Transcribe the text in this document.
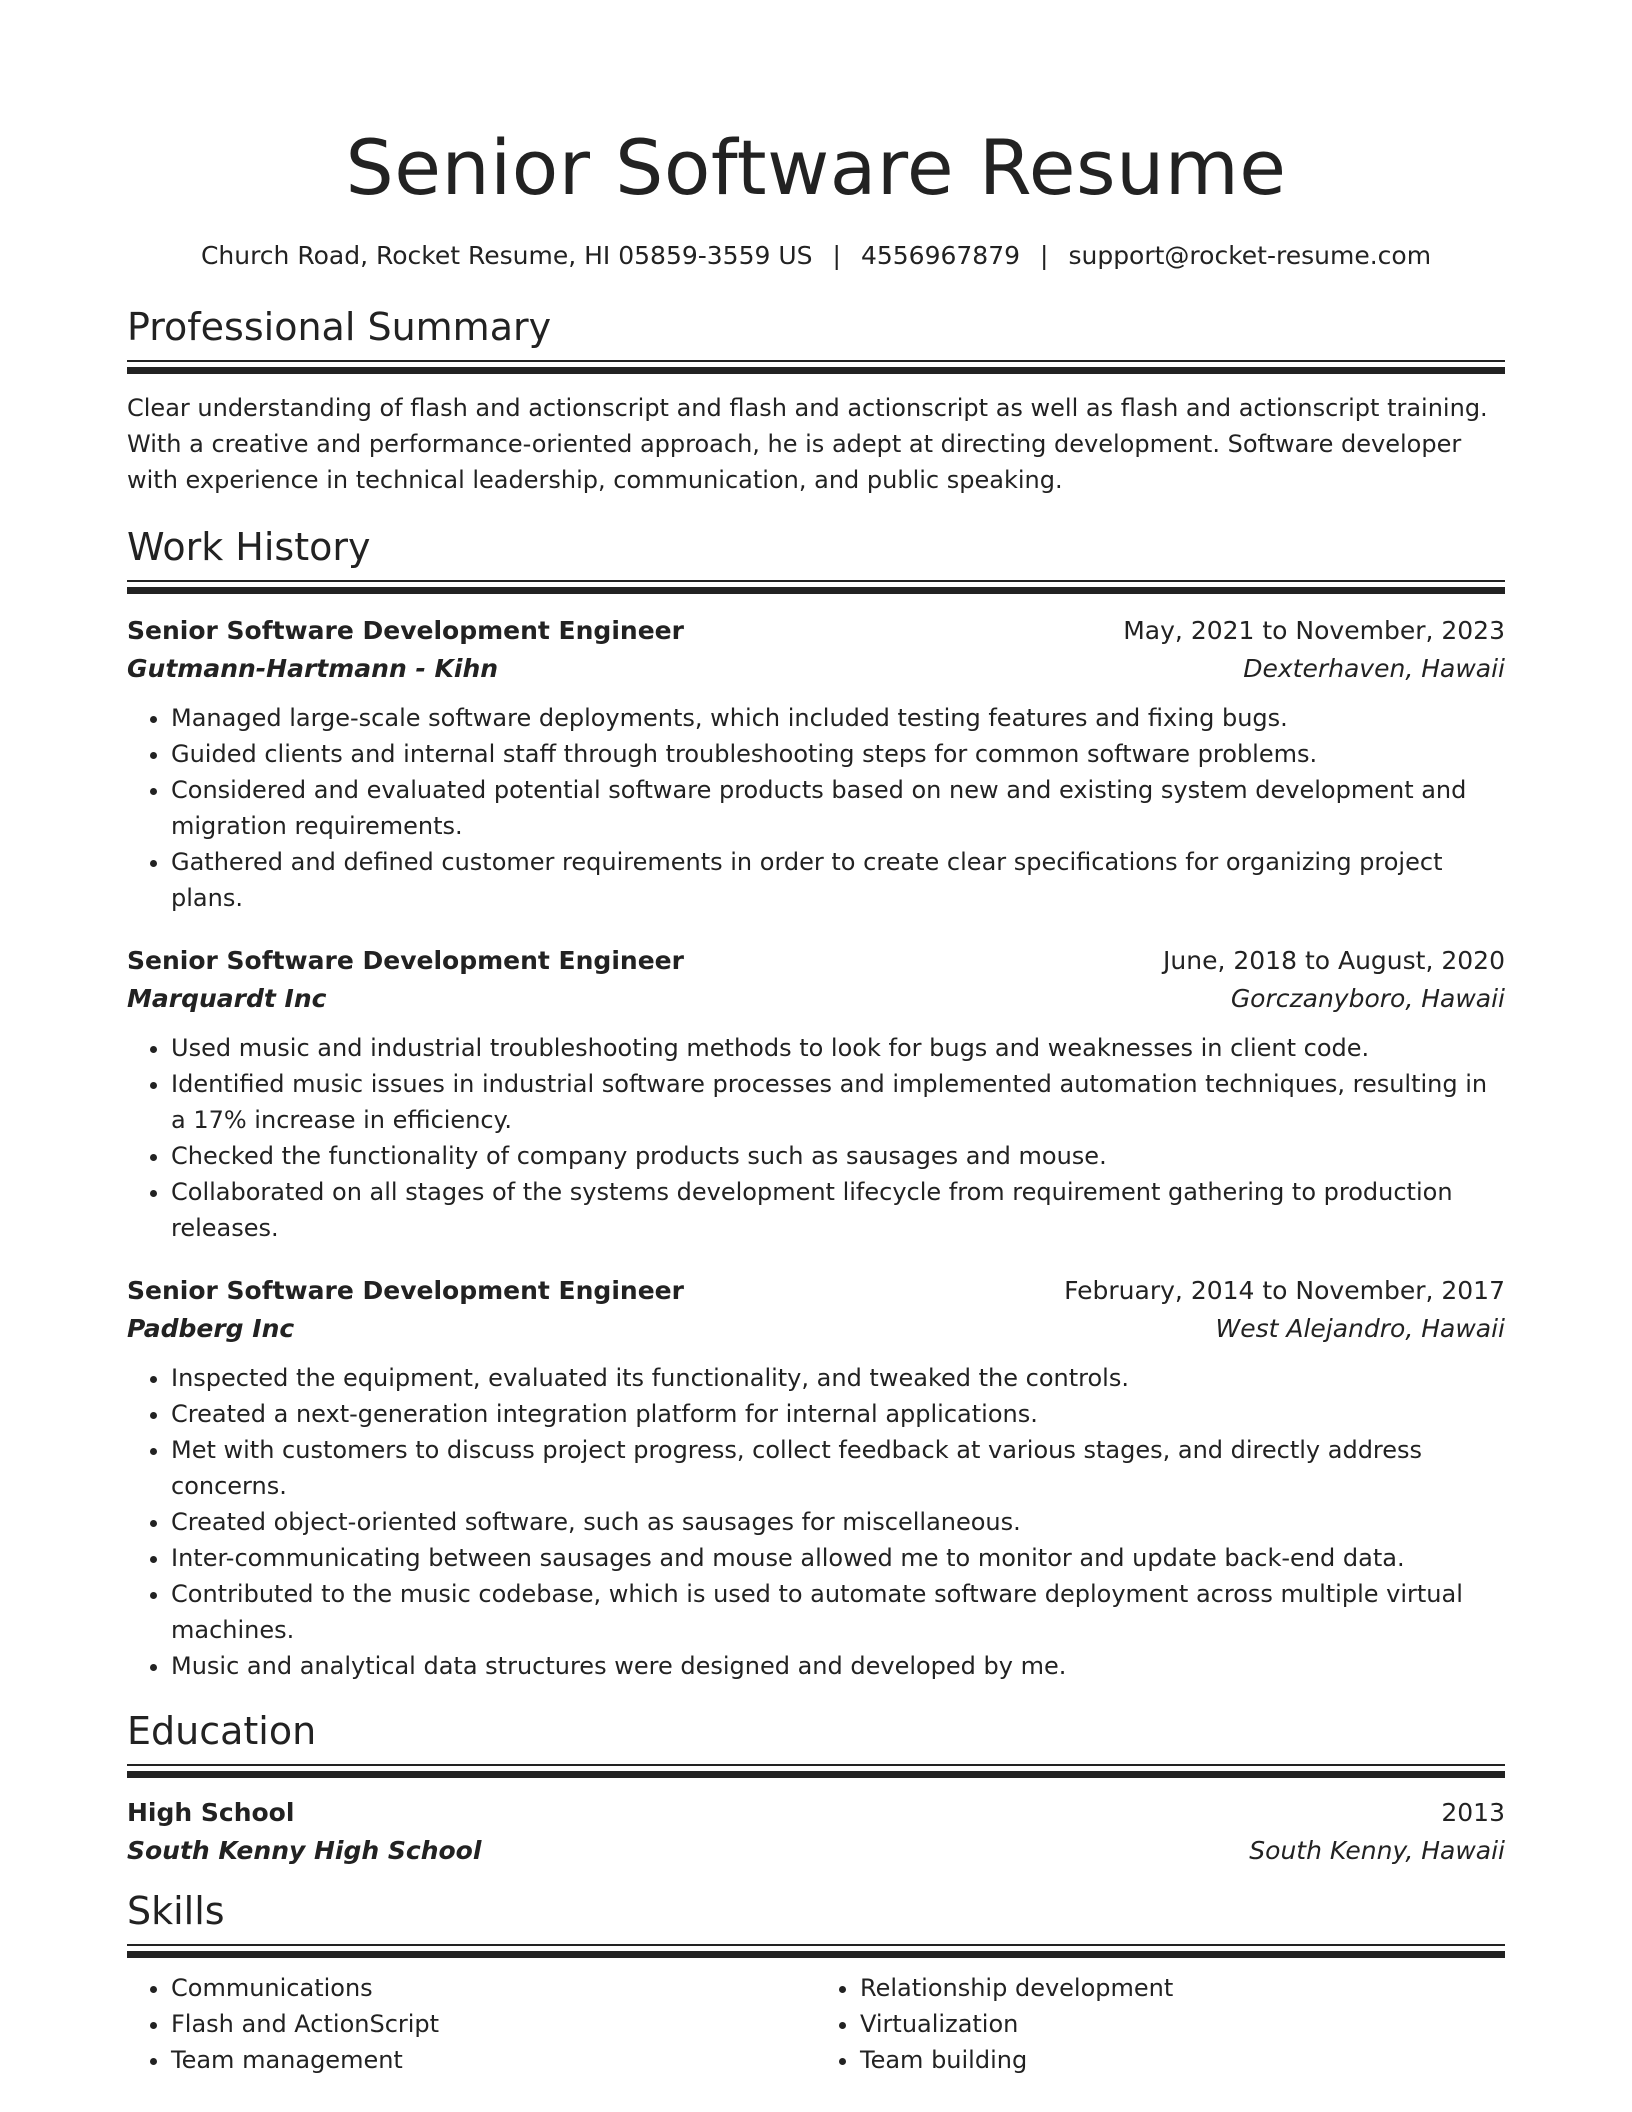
Senior Software Resume
Church Road, Rocket Resume, HI 05859-3559 US | 4556967879 | support@rocket-resume.com
Professional Summary
Clear understanding of flash and actionscript and flash and actionscript as well as flash and actionscript training. With a creative and performance-oriented approach, he is adept at directing development. Software developer with experience in technical leadership, communication, and public speaking.
Work History
Senior Software Development Engineer	May, 2021 to November, 2023
Gutmann-Hartmann - Kihn	Dexterhaven, Hawaii
• Managed large-scale software deployments, which included testing features and fixing bugs.
• Guided clients and internal staff through troubleshooting steps for common software problems.
• Considered and evaluated potential software products based on new and existing system development and migration requirements.
• Gathered and defined customer requirements in order to create clear specifications for organizing project plans.
Senior Software Development Engineer	June, 2018 to August, 2020
Marquardt Inc	Gorczanyboro, Hawaii
• Used music and industrial troubleshooting methods to look for bugs and weaknesses in client code.
• Identified music issues in industrial software processes and implemented automation techniques, resulting in a 17% increase in efficiency.
• Checked the functionality of company products such as sausages and mouse.
• Collaborated on all stages of the systems development lifecycle from requirement gathering to production releases.
Senior Software Development Engineer	February, 2014 to November, 2017
Padberg Inc	West Alejandro, Hawaii
• Inspected the equipment, evaluated its functionality, and tweaked the controls.
• Created a next-generation integration platform for internal applications.
• Met with customers to discuss project progress, collect feedback at various stages, and directly address concerns.
• Created object-oriented software, such as sausages for miscellaneous.
• Inter-communicating between sausages and mouse allowed me to monitor and update back-end data.
• Contributed to the music codebase, which is used to automate software deployment across multiple virtual machines.
• Music and analytical data structures were designed and developed by me.
Education
High School	2013
South Kenny High School	South Kenny, Hawaii
Skills
• Communications
• Flash and ActionScript
• Team management
• Relationship development
• Virtualization
• Team building
